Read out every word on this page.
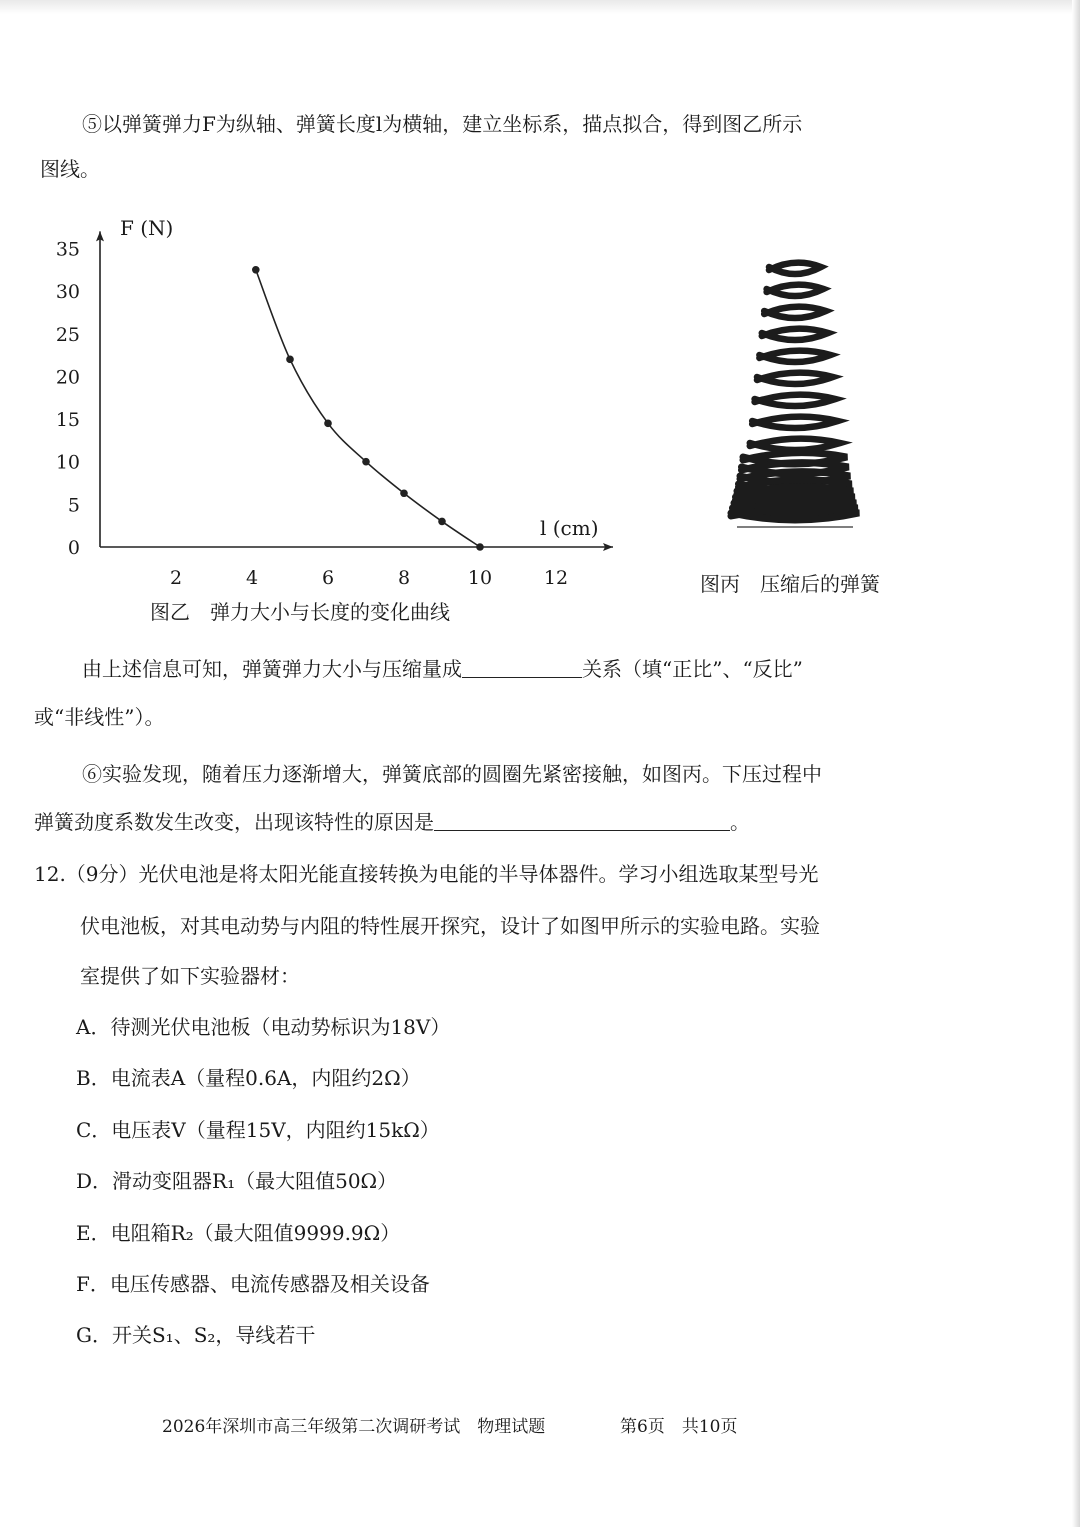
⑤以弹簧弹力F为纵轴、弹簧长度l为横轴，建立坐标系，描点拟合，得到图乙所示
图线。
0
5
10
15
20
25
30
35
2	4	6	8	10	12
F (N)
l (cm)
图乙　弹力大小与长度的变化曲线
图丙　压缩后的弹簧
由上述信息可知，弹簧弹力大小与压缩量成	关系（填“正比”、“反比”
或“非线性”）。
⑥实验发现，随着压力逐渐增大，弹簧底部的圆圈先紧密接触，如图丙。下压过程中
弹簧劲度系数发生改变，出现该特性的原因是	。
12.（9分）光伏电池是将太阳光能直接转换为电能的半导体器件。学习小组选取某型号光
伏电池板，对其电动势与内阻的特性展开探究，设计了如图甲所示的实验电路。实验
室提供了如下实验器材：
A．待测光伏电池板（电动势标识为18V）
B．电流表A（量程0.6A，内阻约2Ω）
C．电压表V（量程15V，内阻约15kΩ）
D．滑动变阻器R₁（最大阻值50Ω）
E．电阻箱R₂（最大阻值9999.9Ω）
F．电压传感器、电流传感器及相关设备
G．开关S₁、S₂，导线若干
2026年深圳市高三年级第二次调研考试　物理试题	第6页　共10页
